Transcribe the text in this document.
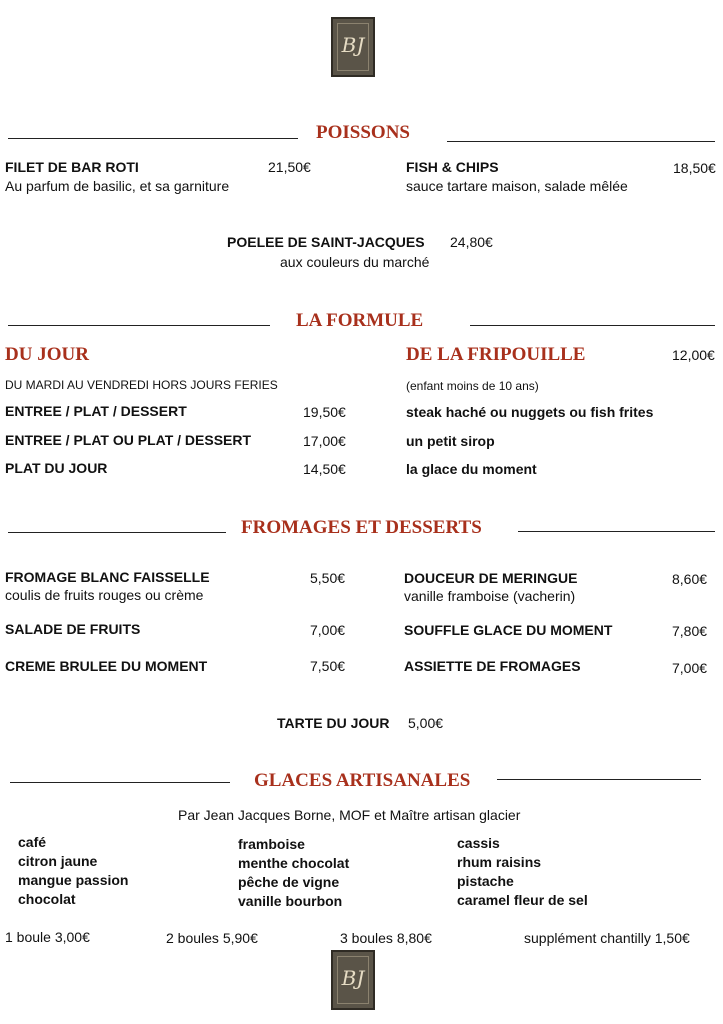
BJ
POISSONS
FILET DE BAR ROTI	21,50€
Au parfum de basilic, et sa garniture
FISH & CHIPS	18,50€
sauce tartare maison, salade mêlée
POELEE DE SAINT-JACQUES 24,80€
aux couleurs du marché
LA FORMULE
DU JOUR
DU MARDI AU VENDREDI HORS JOURS FERIES
ENTREE / PLAT / DESSERT	19,50€
ENTREE / PLAT OU PLAT / DESSERT	17,00€
PLAT DU JOUR	14,50€
DE LA FRIPOUILLE	12,00€
(enfant moins de 10 ans)
steak haché ou nuggets ou fish frites
un petit sirop
la glace du moment
FROMAGES ET DESSERTS
FROMAGE BLANC FAISSELLE	5,50€
coulis de fruits rouges ou crème
SALADE DE FRUITS	7,00€
CREME BRULEE DU MOMENT	7,50€
DOUCEUR DE MERINGUE	8,60€
vanille framboise (vacherin)
SOUFFLE GLACE DU MOMENT	7,80€
ASSIETTE DE FROMAGES	7,00€
TARTE DU JOUR 5,00€
GLACES ARTISANALES
Par Jean Jacques Borne, MOF et Maître artisan glacier
café
citron jaune
mangue passion
chocolat
framboise
menthe chocolat
pêche de vigne
vanille bourbon
cassis
rhum raisins
pistache
caramel fleur de sel
1 boule 3,00€	2 boules 5,90€	3 boules 8,80€	supplément chantilly 1,50€
BJ
